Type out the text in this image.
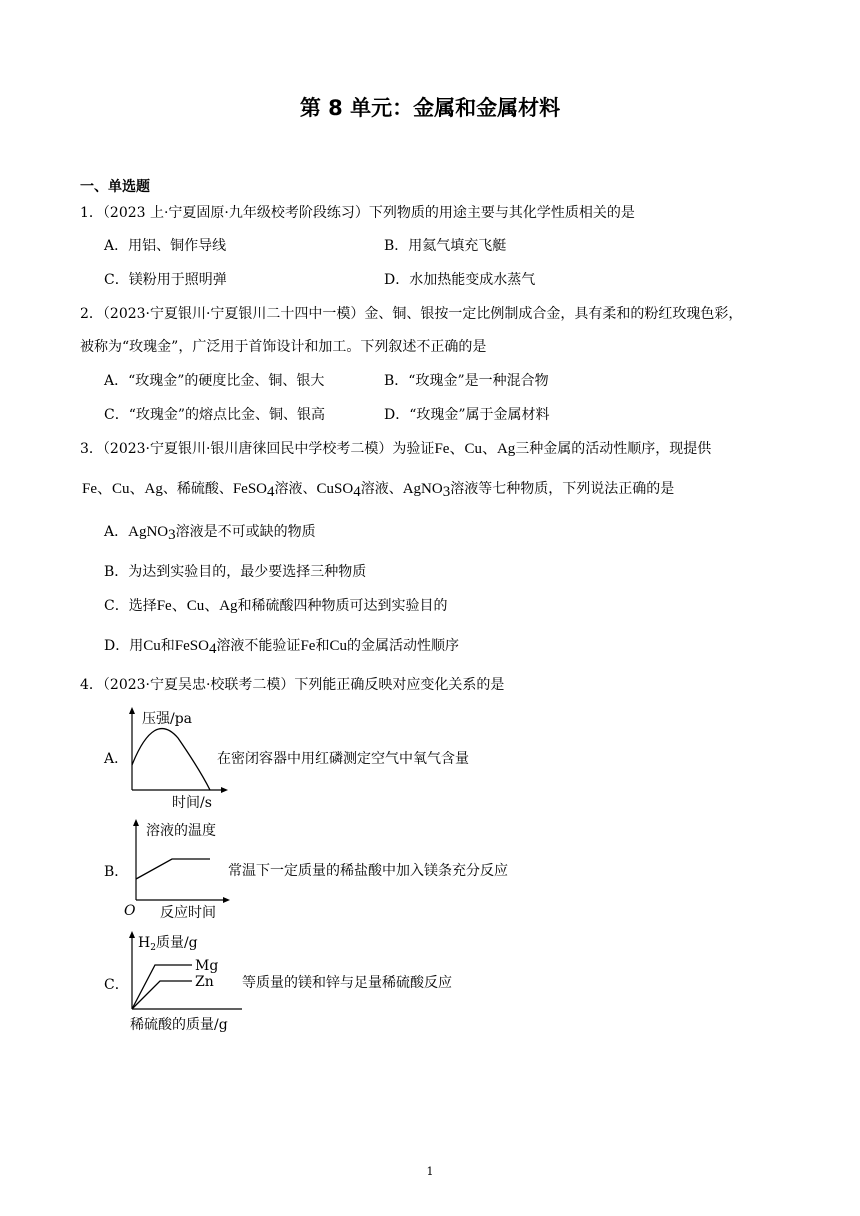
第 8 单元：金属和金属材料
一、单选题
1．（2023 上·宁夏固原·九年级校考阶段练习）下列物质的用途主要与其化学性质相关的是
A．用铝、铜作导线	B．用氦气填充飞艇
C．镁粉用于照明弹	D．水加热能变成水蒸气
2．（2023·宁夏银川·宁夏银川二十四中一模）金、铜、银按一定比例制成合金，具有柔和的粉红玫瑰色彩，
被称为“玫瑰金”，广泛用于首饰设计和加工。下列叙述不正确的是
A．“玫瑰金”的硬度比金、铜、银大	B．“玫瑰金”是一种混合物
C．“玫瑰金”的熔点比金、铜、银高	D．“玫瑰金”属于金属材料
3．（2023·宁夏银川·银川唐徕回民中学校考二模）为验证Fe、Cu、Ag三种金属的活动性顺序，现提供
Fe、Cu、Ag、稀硫酸、FeSO$_4$溶液、CuSO$_4$溶液、AgNO$_3$溶液等七种物质，下列说法正确的是
A．AgNO$_3$溶液是不可或缺的物质
B．为达到实验目的，最少要选择三种物质
C．选择Fe、Cu、Ag和稀硫酸四种物质可达到实验目的
D．用Cu和FeSO$_4$溶液不能验证Fe和Cu的金属活动性顺序
4．（2023·宁夏吴忠·校联考二模）下列能正确反映对应变化关系的是
A．
压强/pa
时间/s
在密闭容器中用红磷测定空气中氧气含量
B．
溶液的温度
O 反应时间
常温下一定质量的稀盐酸中加入镁条充分反应
C．
$H_2$质量/g
Mg
Zn
稀硫酸的质量/g
等质量的镁和锌与足量稀硫酸反应
1
